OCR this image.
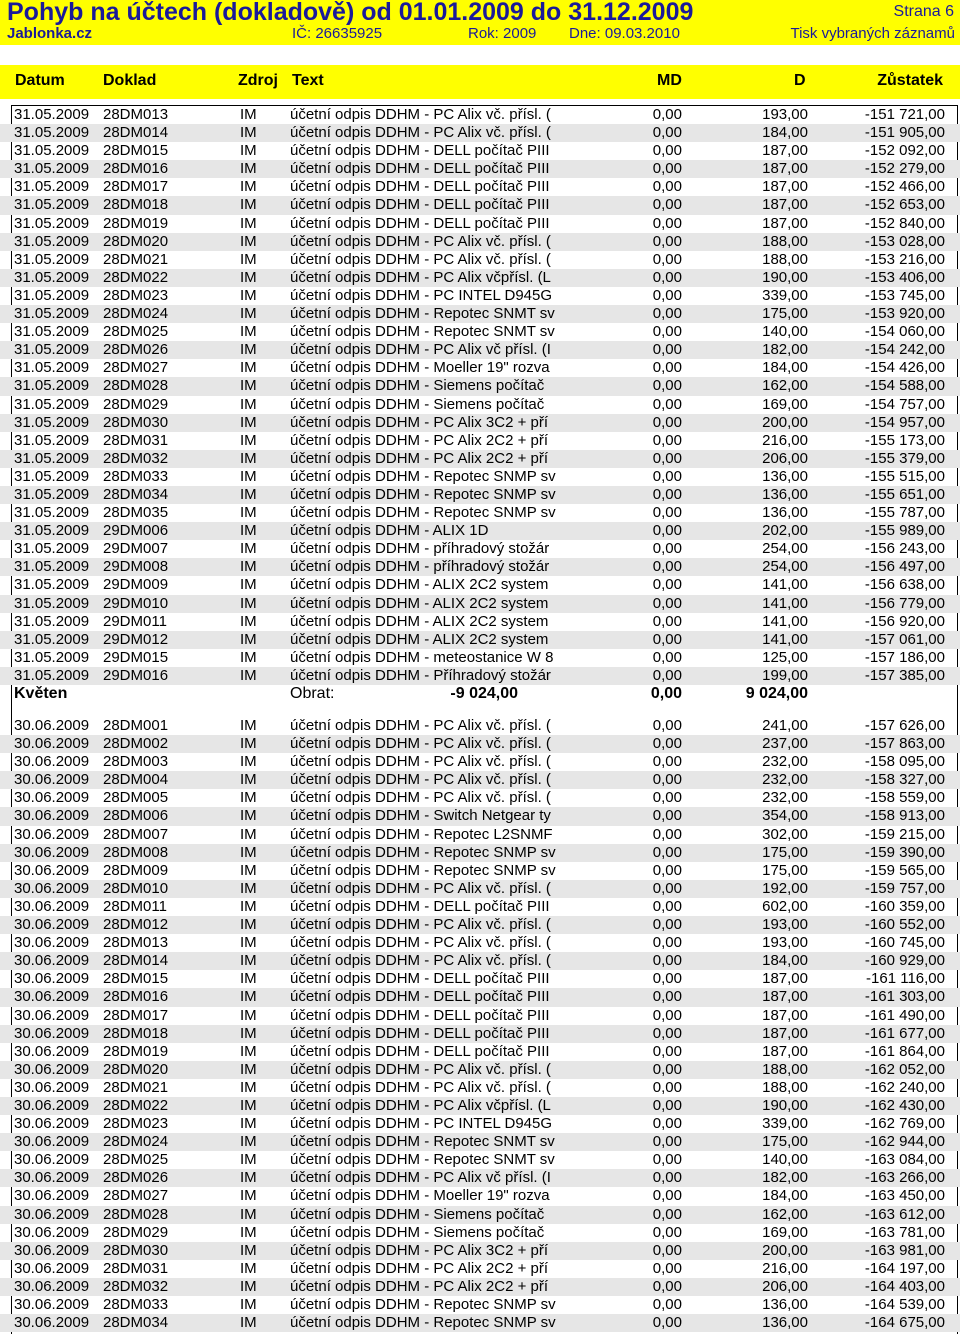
Pohyb na účtech (dokladově) od 01.01.2009 do 31.12.2009	Strana 6
Jablonka.cz	IČ: 26635925	Rok: 2009 Dne: 09.03.2010	Tisk vybraných záznamů
Datum Doklad	Zdroj Text	MD	D	Zůstatek
31.05.2009 28DM013	IM účetní odpis DDHM - PC Alix vč. přísl. (	0,00	193,00	-151 721,00
31.05.2009 28DM014	IM účetní odpis DDHM - PC Alix vč. přísl. (	0,00	184,00	-151 905,00
31.05.2009 28DM015	IM účetní odpis DDHM - DELL počítač PIII	0,00	187,00	-152 092,00
31.05.2009 28DM016	IM účetní odpis DDHM - DELL počítač PIII	0,00	187,00	-152 279,00
31.05.2009 28DM017	IM účetní odpis DDHM - DELL počítač PIII	0,00	187,00	-152 466,00
31.05.2009 28DM018	IM účetní odpis DDHM - DELL počítač PIII	0,00	187,00	-152 653,00
31.05.2009 28DM019	IM účetní odpis DDHM - DELL počítač PIII	0,00	187,00	-152 840,00
31.05.2009 28DM020	IM účetní odpis DDHM - PC Alix vč. přísl. (	0,00	188,00	-153 028,00
31.05.2009 28DM021	IM účetní odpis DDHM - PC Alix vč. přísl. (	0,00	188,00	-153 216,00
31.05.2009 28DM022	IM účetní odpis DDHM - PC Alix včpřísl. (L	0,00	190,00	-153 406,00
31.05.2009 28DM023	IM účetní odpis DDHM - PC INTEL D945G	0,00	339,00	-153 745,00
31.05.2009 28DM024	IM účetní odpis DDHM - Repotec SNMT sv	0,00	175,00	-153 920,00
31.05.2009 28DM025	IM účetní odpis DDHM - Repotec SNMT sv	0,00	140,00	-154 060,00
31.05.2009 28DM026	IM účetní odpis DDHM - PC Alix vč přísl. (I	0,00	182,00	-154 242,00
31.05.2009 28DM027	IM účetní odpis DDHM - Moeller 19" rozva	0,00	184,00	-154 426,00
31.05.2009 28DM028	IM účetní odpis DDHM - Siemens počítač	0,00	162,00	-154 588,00
31.05.2009 28DM029	IM účetní odpis DDHM - Siemens počítač	0,00	169,00	-154 757,00
31.05.2009 28DM030	IM účetní odpis DDHM - PC Alix 3C2 + pří	0,00	200,00	-154 957,00
31.05.2009 28DM031	IM účetní odpis DDHM - PC Alix 2C2 + pří	0,00	216,00	-155 173,00
31.05.2009 28DM032	IM účetní odpis DDHM - PC Alix 2C2 + pří	0,00	206,00	-155 379,00
31.05.2009 28DM033	IM účetní odpis DDHM - Repotec SNMP sv	0,00	136,00	-155 515,00
31.05.2009 28DM034	IM účetní odpis DDHM - Repotec SNMP sv	0,00	136,00	-155 651,00
31.05.2009 28DM035	IM účetní odpis DDHM - Repotec SNMP sv	0,00	136,00	-155 787,00
31.05.2009 29DM006	IM účetní odpis DDHM - ALIX 1D	0,00	202,00	-155 989,00
31.05.2009 29DM007	IM účetní odpis DDHM - příhradový stožár	0,00	254,00	-156 243,00
31.05.2009 29DM008	IM účetní odpis DDHM - příhradový stožár	0,00	254,00	-156 497,00
31.05.2009 29DM009	IM účetní odpis DDHM - ALIX 2C2 system	0,00	141,00	-156 638,00
31.05.2009 29DM010	IM účetní odpis DDHM - ALIX 2C2 system	0,00	141,00	-156 779,00
31.05.2009 29DM011	IM účetní odpis DDHM - ALIX 2C2 system	0,00	141,00	-156 920,00
31.05.2009 29DM012	IM účetní odpis DDHM - ALIX 2C2 system	0,00	141,00	-157 061,00
31.05.2009 29DM015	IM účetní odpis DDHM - meteostanice W 8	0,00	125,00	-157 186,00
31.05.2009 29DM016	IM účetní odpis DDHM - Příhradový stožár	0,00	199,00	-157 385,00
Květen	Obrat:	-9 024,00	0,00	9 024,00
30.06.2009 28DM001	IM účetní odpis DDHM - PC Alix vč. přísl. (	0,00	241,00	-157 626,00
30.06.2009 28DM002	IM účetní odpis DDHM - PC Alix vč. přísl. (	0,00	237,00	-157 863,00
30.06.2009 28DM003	IM účetní odpis DDHM - PC Alix vč. přísl. (	0,00	232,00	-158 095,00
30.06.2009 28DM004	IM účetní odpis DDHM - PC Alix vč. přísl. (	0,00	232,00	-158 327,00
30.06.2009 28DM005	IM účetní odpis DDHM - PC Alix vč. přísl. (	0,00	232,00	-158 559,00
30.06.2009 28DM006	IM účetní odpis DDHM - Switch Netgear ty	0,00	354,00	-158 913,00
30.06.2009 28DM007	IM účetní odpis DDHM - Repotec L2SNMF	0,00	302,00	-159 215,00
30.06.2009 28DM008	IM účetní odpis DDHM - Repotec SNMP sv	0,00	175,00	-159 390,00
30.06.2009 28DM009	IM účetní odpis DDHM - Repotec SNMP sv	0,00	175,00	-159 565,00
30.06.2009 28DM010	IM účetní odpis DDHM - PC Alix vč. přísl. (	0,00	192,00	-159 757,00
30.06.2009 28DM011	IM účetní odpis DDHM - DELL počítač PIII	0,00	602,00	-160 359,00
30.06.2009 28DM012	IM účetní odpis DDHM - PC Alix vč. přísl. (	0,00	193,00	-160 552,00
30.06.2009 28DM013	IM účetní odpis DDHM - PC Alix vč. přísl. (	0,00	193,00	-160 745,00
30.06.2009 28DM014	IM účetní odpis DDHM - PC Alix vč. přísl. (	0,00	184,00	-160 929,00
30.06.2009 28DM015	IM účetní odpis DDHM - DELL počítač PIII	0,00	187,00	-161 116,00
30.06.2009 28DM016	IM účetní odpis DDHM - DELL počítač PIII	0,00	187,00	-161 303,00
30.06.2009 28DM017	IM účetní odpis DDHM - DELL počítač PIII	0,00	187,00	-161 490,00
30.06.2009 28DM018	IM účetní odpis DDHM - DELL počítač PIII	0,00	187,00	-161 677,00
30.06.2009 28DM019	IM účetní odpis DDHM - DELL počítač PIII	0,00	187,00	-161 864,00
30.06.2009 28DM020	IM účetní odpis DDHM - PC Alix vč. přísl. (	0,00	188,00	-162 052,00
30.06.2009 28DM021	IM účetní odpis DDHM - PC Alix vč. přísl. (	0,00	188,00	-162 240,00
30.06.2009 28DM022	IM účetní odpis DDHM - PC Alix včpřísl. (L	0,00	190,00	-162 430,00
30.06.2009 28DM023	IM účetní odpis DDHM - PC INTEL D945G	0,00	339,00	-162 769,00
30.06.2009 28DM024	IM účetní odpis DDHM - Repotec SNMT sv	0,00	175,00	-162 944,00
30.06.2009 28DM025	IM účetní odpis DDHM - Repotec SNMT sv	0,00	140,00	-163 084,00
30.06.2009 28DM026	IM účetní odpis DDHM - PC Alix vč přísl. (I	0,00	182,00	-163 266,00
30.06.2009 28DM027	IM účetní odpis DDHM - Moeller 19" rozva	0,00	184,00	-163 450,00
30.06.2009 28DM028	IM účetní odpis DDHM - Siemens počítač	0,00	162,00	-163 612,00
30.06.2009 28DM029	IM účetní odpis DDHM - Siemens počítač	0,00	169,00	-163 781,00
30.06.2009 28DM030	IM účetní odpis DDHM - PC Alix 3C2 + pří	0,00	200,00	-163 981,00
30.06.2009 28DM031	IM účetní odpis DDHM - PC Alix 2C2 + pří	0,00	216,00	-164 197,00
30.06.2009 28DM032	IM účetní odpis DDHM - PC Alix 2C2 + pří	0,00	206,00	-164 403,00
30.06.2009 28DM033	IM účetní odpis DDHM - Repotec SNMP sv	0,00	136,00	-164 539,00
30.06.2009 28DM034	IM účetní odpis DDHM - Repotec SNMP sv	0,00	136,00	-164 675,00
